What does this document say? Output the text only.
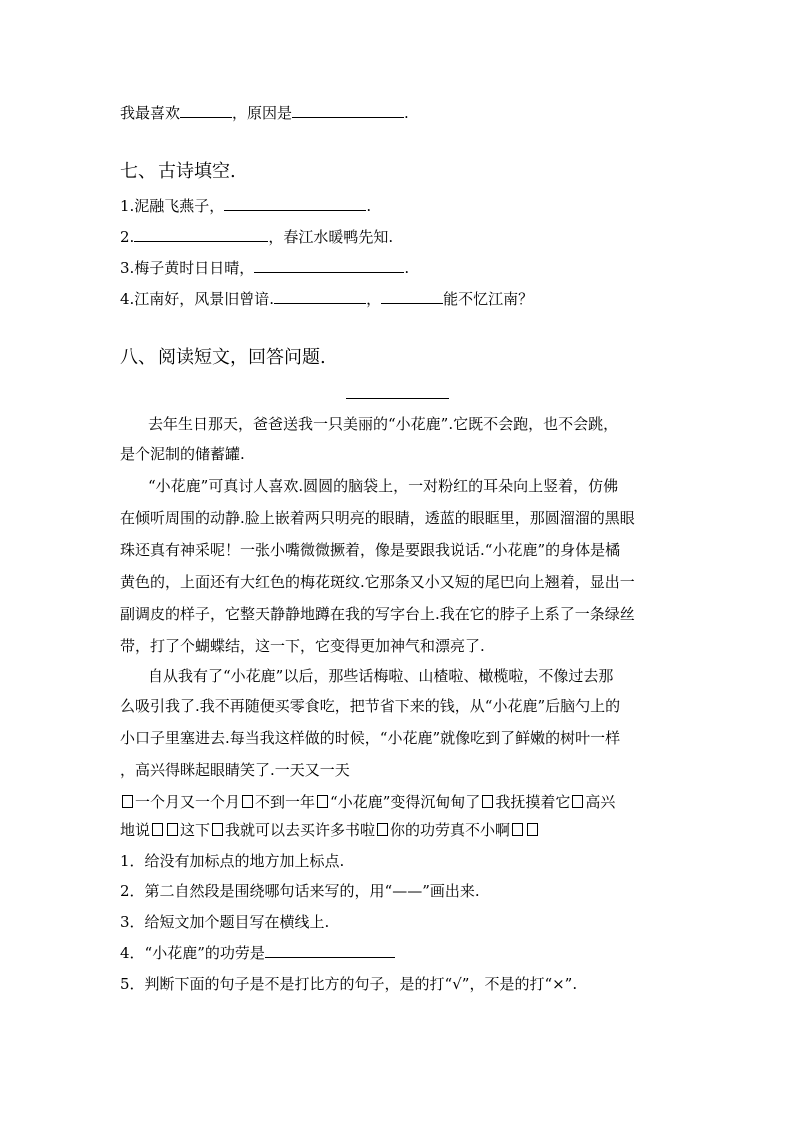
我最喜欢	，原因是	.
七、 古诗填空.
1.泥融飞燕子，	.
2.	，春江水暖鸭先知.
3.梅子黄时日日晴，	.
4.江南好，风景旧曾谙.	，	能不忆江南？
八、 阅读短文，回答问题.
去年生日那天，爸爸送我一只美丽的“小花鹿”.它既不会跑，也不会跳，
是个泥制的储蓄罐.
“小花鹿”可真讨人喜欢.圆圆的脑袋上，一对粉红的耳朵向上竖着，仿佛
在倾听周围的动静.脸上嵌着两只明亮的眼睛，透蓝的眼眶里，那圆溜溜的黑眼
珠还真有神采呢！一张小嘴微微撅着，像是要跟我说话.“小花鹿”的身体是橘
黄色的，上面还有大红色的梅花斑纹.它那条又小又短的尾巴向上翘着，显出一
副调皮的样子，它整天静静地蹲在我的写字台上.我在它的脖子上系了一条绿丝
带，打了个蝴蝶结，这一下，它变得更加神气和漂亮了.
自从我有了“小花鹿”以后，那些话梅啦、山楂啦、橄榄啦，不像过去那
么吸引我了.我不再随便买零食吃，把节省下来的钱，从“小花鹿”后脑勺上的
小口子里塞进去.每当我这样做的时候，“小花鹿”就像吃到了鲜嫩的树叶一样
，高兴得眯起眼睛笑了.一天又一天
一个月又一个月 不到一年 “小花鹿”变得沉甸甸了 我抚摸着它 高兴
地说 这下 我就可以去买许多书啦 你的功劳真不小啊
1．给没有加标点的地方加上标点.
2．第二自然段是围绕哪句话来写的，用“——”画出来.
3．给短文加个题目写在横线上.
4．“小花鹿”的功劳是
5．判断下面的句子是不是打比方的句子，是的打“√”，不是的打“×”.
